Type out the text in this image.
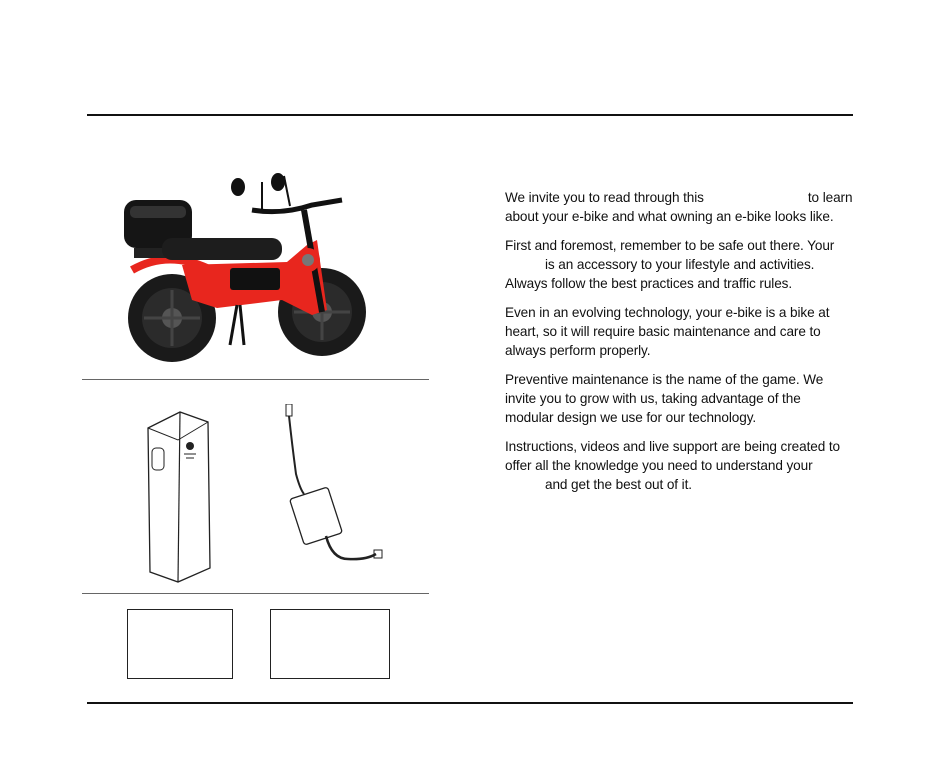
We invite you to read through this	to learn
about your e-bike and what owning an e-bike looks like.

First and foremost, remember to be safe out there. Your
is an accessory to your lifestyle and activities.
Always follow the best practices and traffic rules.

Even in an evolving technology, your e-bike is a bike at
heart, so it will require basic maintenance and care to
always perform properly.

Preventive maintenance is the name of the game. We
invite you to grow with us, taking advantage of the
modular design we use for our technology.

Instructions, videos and live support are being created to
offer all the knowledge you need to understand your
and get the best out of it.
